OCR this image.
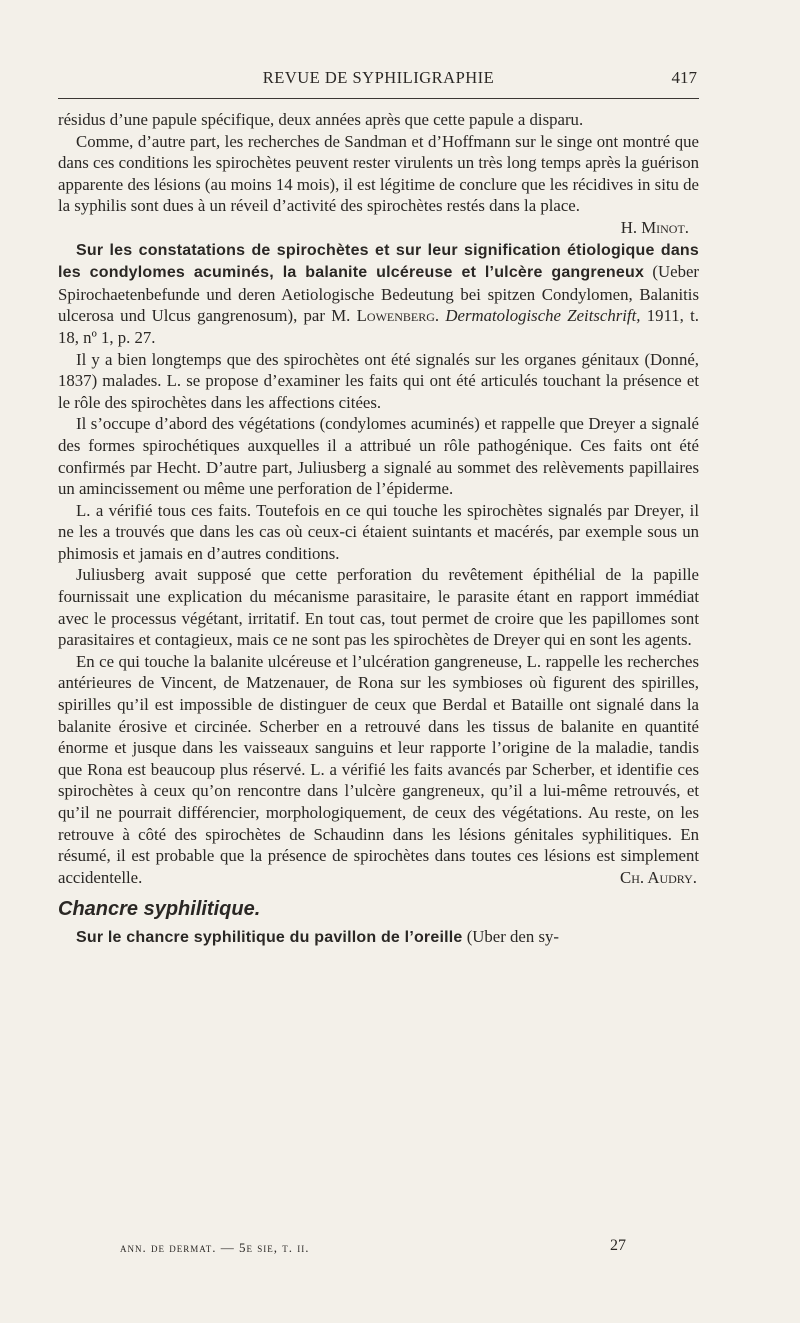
REVUE DE SYPHILIGRAPHIE	417

résidus d’une papule spécifique, deux années après que cette papule a disparu.

Comme, d’autre part, les recherches de Sandman et d’Hoffmann sur le singe ont montré que dans ces conditions les spirochètes peuvent rester virulents un très long temps après la guérison apparente des lésions (au moins 14 mois), il est légitime de conclure que les récidives in situ de la syphilis sont dues à un réveil d’activité des spirochètes restés dans la place.

H. Minot.

Sur les constatations de spirochètes et sur leur signification étiologique dans les condylomes acuminés, la balanite ulcéreuse et l’ulcère gangreneux (Ueber Spirochaetenbefunde und deren Aetiologische Bedeutung bei spitzen Condylomen, Balanitis ulcerosa und Ulcus gangrenosum), par M. Lowenberg. Dermatologische Zeitschrift, 1911, t. 18, nº 1, p. 27.

Il y a bien longtemps que des spirochètes ont été signalés sur les organes génitaux (Donné, 1837) malades. L. se propose d’examiner les faits qui ont été articulés touchant la présence et le rôle des spirochètes dans les affections citées.

Il s’occupe d’abord des végétations (condylomes acuminés) et rappelle que Dreyer a signalé des formes spirochétiques auxquelles il a attribué un rôle pathogénique. Ces faits ont été confirmés par Hecht. D’autre part, Juliusberg a signalé au sommet des relèvements papillaires un amincissement ou même une perforation de l’épiderme.

L. a vérifié tous ces faits. Toutefois en ce qui touche les spirochètes signalés par Dreyer, il ne les a trouvés que dans les cas où ceux-ci étaient suintants et macérés, par exemple sous un phimosis et jamais en d’autres conditions.

Juliusberg avait supposé que cette perforation du revêtement épithélial de la papille fournissait une explication du mécanisme parasitaire, le parasite étant en rapport immédiat avec le processus végétant, irritatif. En tout cas, tout permet de croire que les papillomes sont parasitaires et contagieux, mais ce ne sont pas les spirochètes de Dreyer qui en sont les agents.

En ce qui touche la balanite ulcéreuse et l’ulcération gangreneuse, L. rappelle les recherches antérieures de Vincent, de Matzenauer, de Rona sur les symbioses où figurent des spirilles, spirilles qu’il est impossible de distinguer de ceux que Berdal et Bataille ont signalé dans la balanite érosive et circinée. Scherber en a retrouvé dans les tissus de balanite en quantité énorme et jusque dans les vaisseaux sanguins et leur rapporte l’origine de la maladie, tandis que Rona est beaucoup plus réservé. L. a vérifié les faits avancés par Scherber, et identifie ces spirochètes à ceux qu’on rencontre dans l’ulcère gangreneux, qu’il a lui-même retrouvés, et qu’il ne pourrait différencier, morphologiquement, de ceux des végétations. Au reste, on les retrouve à côté des spirochètes de Schaudinn dans les lésions génitales syphilitiques. En résumé, il est probable que la présence de spirochètes dans toutes ces lésions est simplement accidentelle.	Ch. Audry.

Chancre syphilitique.

Sur le chancre syphilitique du pavillon de l’oreille (Uber den sy-

ann. de dermat. — 5e sie, t. ii.	27
